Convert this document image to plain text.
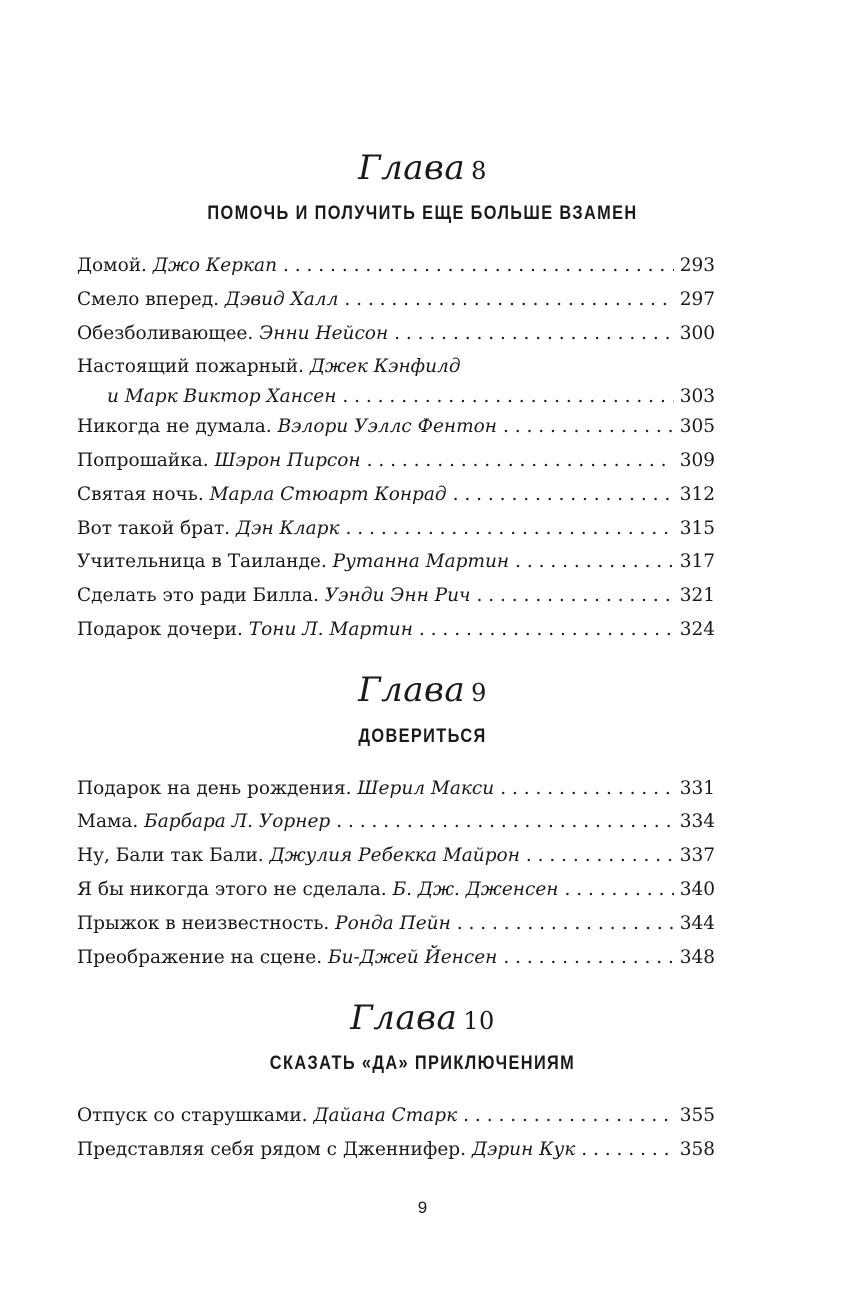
Глава 8
ПОМОЧЬ И ПОЛУЧИТЬ ЕЩЕ БОЛЬШЕ ВЗАМЕН
Домой.
Джо Керкап . . .	293
Смело вперед.
Дэвид Халл . . .	297
Обезболивающее.
Энни Нейсон . . .	300
Настоящий пожарный. Джек Кэнфилд
и Марк Виктор Хансен . . .	303
Никогда не думала.
Вэлори Уэллс Фентон . . .	305
Попрошайка.
Шэрон Пирсон . . .	309
Святая ночь.
Марла Стюарт Конрад . . .	312
Вот такой брат.
Дэн Кларк . . .	315
Учительница в Таиланде.
Рутанна Мартин . . .	317
Сделать это ради Билла.
Уэнди Энн Рич . . .	321
Подарок дочери.
Тони Л. Мартин . . .	324
Глава 9
ДОВЕРИТЬСЯ
Подарок на день рождения.
Шерил Макси . . .	331
Мама.
Барбара Л. Уорнер . . .	334
Ну, Бали так Бали.
Джулия Ребекка Майрон . . .	337
Я бы никогда этого не сделала.
Б. Дж. Дженсен . . .	340
Прыжок в неизвестность.
Ронда Пейн . . .	344
Преображение на сцене.
Би-Джей Йенсен . . .	348
Глава 10
СКАЗАТЬ «ДА» ПРИКЛЮЧЕНИЯМ
Отпуск со старушками.
Дайана Старк . . .	355
Представляя себя рядом с Дженнифер.
Дэрин Кук . . .	358
9
